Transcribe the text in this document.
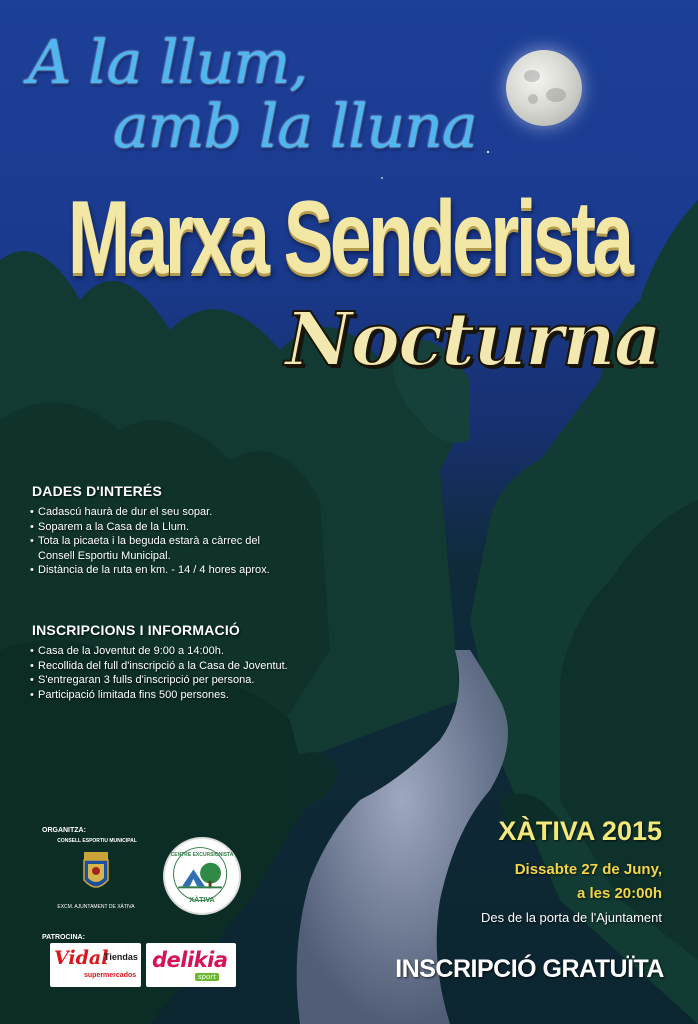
A la llum,
amb la lluna
Marxa Senderista
Nocturna
DADES D'INTERÉS
• Cadascú haurà de dur el seu sopar.
• Soparem a la Casa de la Llum.
• Tota la picaeta i la beguda estarà a càrrec del Consell Esportiu Municipal.
• Distància de la ruta en km. - 14 / 4 hores aprox.
INSCRIPCIONS I INFORMACIÓ
• Casa de la Joventut de 9:00 a 14:00h.
• Recollida del full d'inscripció a la Casa de Joventut.
• S'entregaran 3 fulls d'inscripció per persona.
• Participació limitada fins 500 persones.
XÀTIVA 2015
Dissabte 27 de Juny,
a les 20:00h
Des de la porta de l'Ajuntament
INSCRIPCIÓ GRATUÏTA
ORGANITZA:
CONSELL ESPORTIU MUNICIPAL
EXCM. AJUNTAMENT DE XÀTIVA
CENTRE EXCURSIONISTA
XÀTIVA
PATROCINA:
Vidal
Tiendas
supermercados
delikia
sport
